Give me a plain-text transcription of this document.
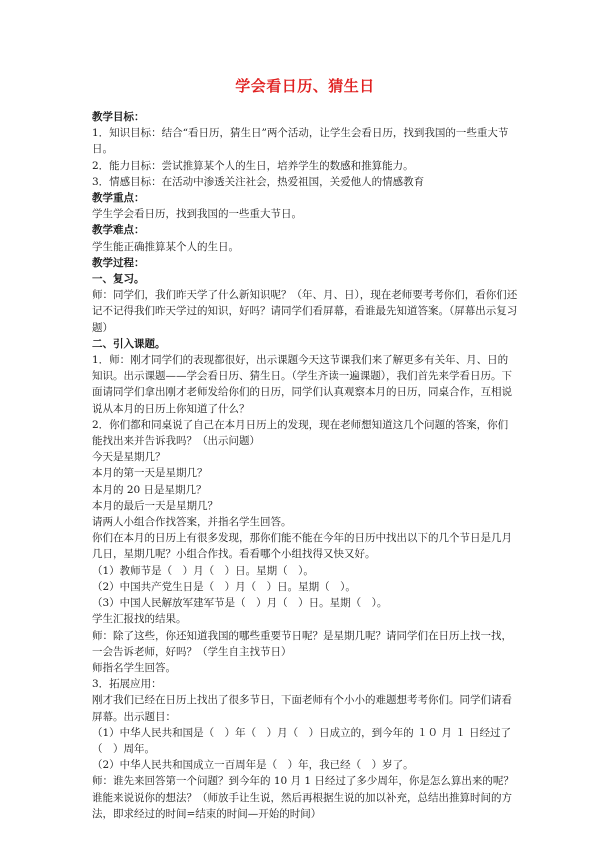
学会看日历、猜生日

教学目标：

1．知识目标：结合“看日历，猜生日”两个活动，让学生会看日历，找到我国的一些重大节日。

2．能力目标：尝试推算某个人的生日，培养学生的数感和推算能力。

3．情感目标：在活动中渗透关注社会，热爱祖国，关爱他人的情感教育

教学重点：

学生学会看日历，找到我国的一些重大节日。

教学难点：

学生能正确推算某个人的生日。

教学过程：

一、复习。

师：同学们，我们昨天学了什么新知识呢？（年、月、日），现在老师要考考你们，看你们还记不记得我们昨天学过的知识，好吗？请同学们看屏幕，看谁最先知道答案。（屏幕出示复习题）

二、引入课题。

1．师：刚才同学们的表现都很好，出示课题今天这节课我们来了解更多有关年、月、日的知识。出示课题——学会看日历、猜生日。（学生齐读一遍课题），我们首先来学看日历。下面请同学们拿出刚才老师发给你们的日历，同学们认真观察本月的日历，同桌合作，互相说说从本月的日历上你知道了什么？

2．你们都和同桌说了自己在本月日历上的发现，现在老师想知道这几个问题的答案，你们能找出来并告诉我吗？（出示问题）

今天是星期几？

本月的第一天是星期几？

本月的 20 日是星期几？

本月的最后一天是星期几？

请两人小组合作找答案，并指名学生回答。

你们在本月的日历上有很多发现，那你们能不能在今年的日历中找出以下的几个节日是几月几日，星期几呢？小组合作找。看看哪个小组找得又快又好。

（1）教师节是（　）月（　）日。星期（　）。

（2）中国共产党生日是（　）月（　）日。星期（　）。

（3）中国人民解放军建军节是（　）月（　）日。星期（　）。

学生汇报找的结果。

师：除了这些，你还知道我国的哪些重要节日呢？是星期几呢？请同学们在日历上找一找，一会告诉老师，好吗？（学生自主找节日）

师指名学生回答。

3．拓展应用：

刚才我们已经在日历上找出了很多节日，下面老师有个小小的难题想考考你们。同学们请看屏幕。出示题目：

（1）中华人民共和国是（　）年（　）月（　）日成立的，到今年的 １０ 月 １ 日经过了（　）周年。

（2）中华人民共和国成立一百周年是（　）年，我已经（　）岁了。

师：谁先来回答第一个问题？到今年的 10 月 1 日经过了多少周年，你是怎么算出来的呢？谁能来说说你的想法？（师放手让生说，然后再根据生说的加以补充，总结出推算时间的方法，即求经过的时间=结束的时间—开始的时间）
